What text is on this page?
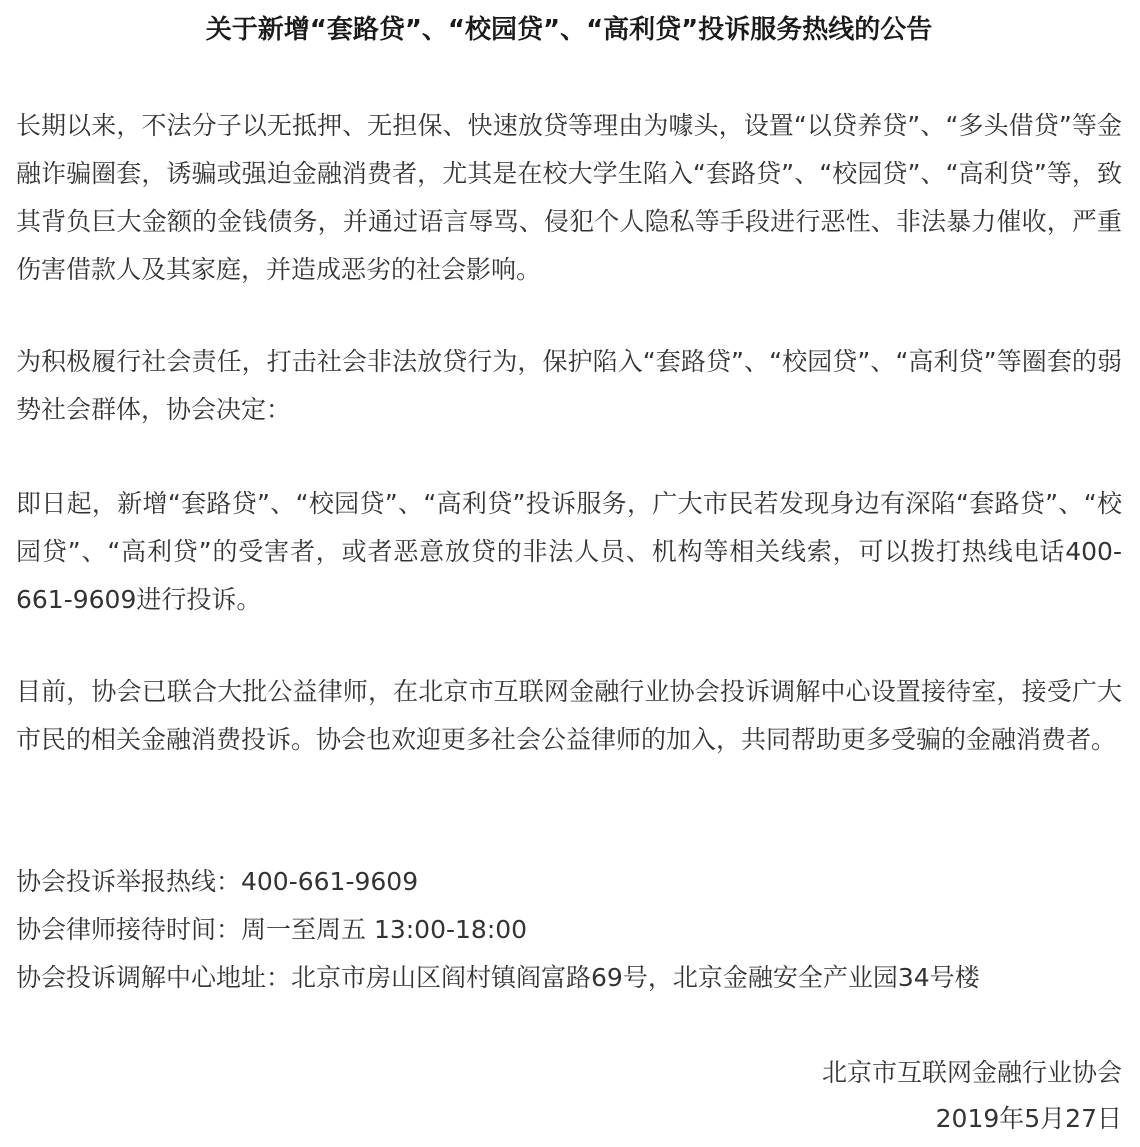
关于新增“套路贷”、“校园贷”、“高利贷”投诉服务热线的公告

长期以来，不法分子以无抵押、无担保、快速放贷等理由为噱头，设置“以贷养贷”、“多头借贷”等金融诈骗圈套，诱骗或强迫金融消费者，尤其是在校大学生陷入“套路贷”、“校园贷”、“高利贷”等，致其背负巨大金额的金钱债务，并通过语言辱骂、侵犯个人隐私等手段进行恶性、非法暴力催收，严重伤害借款人及其家庭，并造成恶劣的社会影响。

为积极履行社会责任，打击社会非法放贷行为，保护陷入“套路贷”、“校园贷”、“高利贷”等圈套的弱势社会群体，协会决定：

即日起，新增“套路贷”、“校园贷”、“高利贷”投诉服务，广大市民若发现身边有深陷“套路贷”、“校园贷”、“高利贷”的受害者，或者恶意放贷的非法人员、机构等相关线索，可以拨打热线电话400-661-9609进行投诉。

目前，协会已联合大批公益律师，在北京市互联网金融行业协会投诉调解中心设置接待室，接受广大市民的相关金融消费投诉。协会也欢迎更多社会公益律师的加入，共同帮助更多受骗的金融消费者。

协会投诉举报热线：400-661-9609
协会律师接待时间：周一至周五 13:00-18:00
协会投诉调解中心地址：北京市房山区阎村镇阎富路69号，北京金融安全产业园34号楼
北京市互联网金融行业协会
2019年5月27日
